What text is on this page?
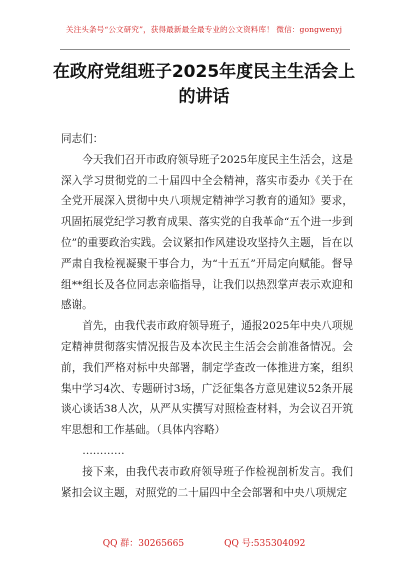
关注头条号“公文研究”，获得最新最全最专业的公文资料库！ 微信：gongwenyj
在政府党组班子2025年度民主生活会上
的讲话

同志们：

今天我们召开市政府领导班子2025年度民主生活会，这是深入学习贯彻党的二十届四中全会精神，落实市委办《关于在全党开展深入贯彻中央八项规定精神学习教育的通知》要求，巩固拓展党纪学习教育成果、落实党的自我革命“五个进一步到位”的重要政治实践。会议紧扣作风建设攻坚持久主题，旨在以严肃自我检视凝聚干事合力，为“十五五”开局定向赋能。督导组**组长及各位同志亲临指导，让我们以热烈掌声表示欢迎和感谢。

首先，由我代表市政府领导班子，通报2025年中央八项规定精神贯彻落实情况报告及本次民主生活会会前准备情况。会前，我们严格对标中央部署，制定学查改一体推进方案，组织集中学习4次、专题研讨3场，广泛征集各方意见建议52条开展谈心谈话38人次，从严从实撰写对照检查材料，为会议召开筑牢思想和工作基础。（具体内容略）

…………

接下来，由我代表市政府领导班子作检视剖析发言。我们紧扣会议主题，对照党的二十届四中全会部署和中央八项规定

QQ 群：30265665	QQ 号:535304092
